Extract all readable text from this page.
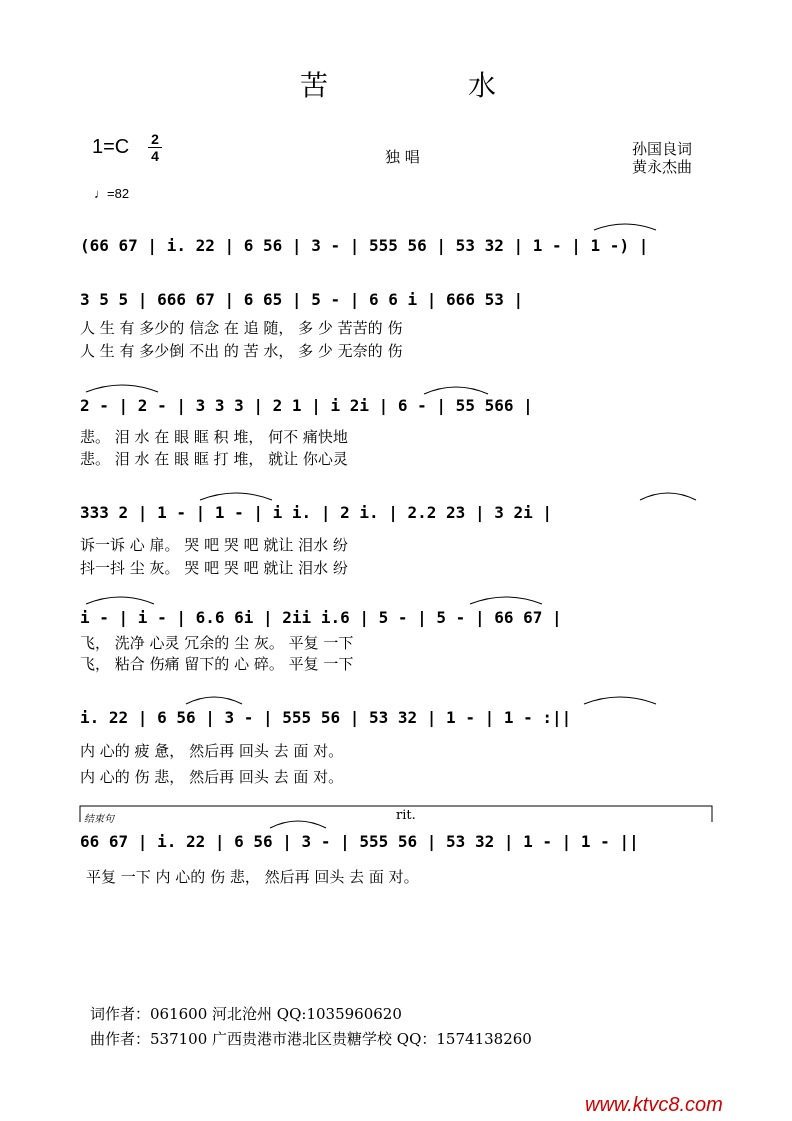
苦	水
1=C 2
4	独 唱	孙国良词
黄永杰曲
♩=82
(66 67 | i. 22 | 6 56 | 3 - | 555 56 | 53 32 | 1 - | 1 -) |
3 5 5 | 666 67 | 6 65 | 5 - | 6 6 i | 666 53 |
人 生 有 多少的 信念 在 追 随， 多 少 苦苦的 伤
人 生 有 多少倒 不出 的 苦 水， 多 少 无奈的 伤
2 - | 2 - | 3 3 3 | 2 1 | i 2i | 6 - | 55 566 |
悲。 泪 水 在 眼 眶 积 堆， 何不 痛快地
悲。 泪 水 在 眼 眶 打 堆， 就让 你心灵
333 2 | 1 - | 1 - | i i. | 2 i. | 2.2 23 | 3 2i |
诉一诉 心 扉。 哭 吧 哭 吧 就让 泪水 纷
抖一抖 尘 灰。 哭 吧 哭 吧 就让 泪水 纷
i - | i - | 6.6 6i | 2ii i.6 | 5 - | 5 - | 66 67 |
飞， 洗净 心灵 冗余的 尘 灰。 平复 一下
飞， 粘合 伤痛 留下的 心 碎。 平复 一下
i. 22 | 6 56 | 3 - | 555 56 | 53 32 | 1 - | 1 - :||
内 心的 疲 惫， 然后再 回头 去 面 对。
内 心的 伤 悲， 然后再 回头 去 面 对。
结束句	rit.
66 67 | i. 22 | 6 56 | 3 - | 555 56 | 53 32 | 1 - | 1 - ||
平复 一下 内 心的 伤 悲， 然后再 回头 去 面 对。
词作者：061600 河北沧州 QQ:1035960620
曲作者：537100 广西贵港市港北区贵糖学校 QQ：1574138260
www.ktvc8.com
